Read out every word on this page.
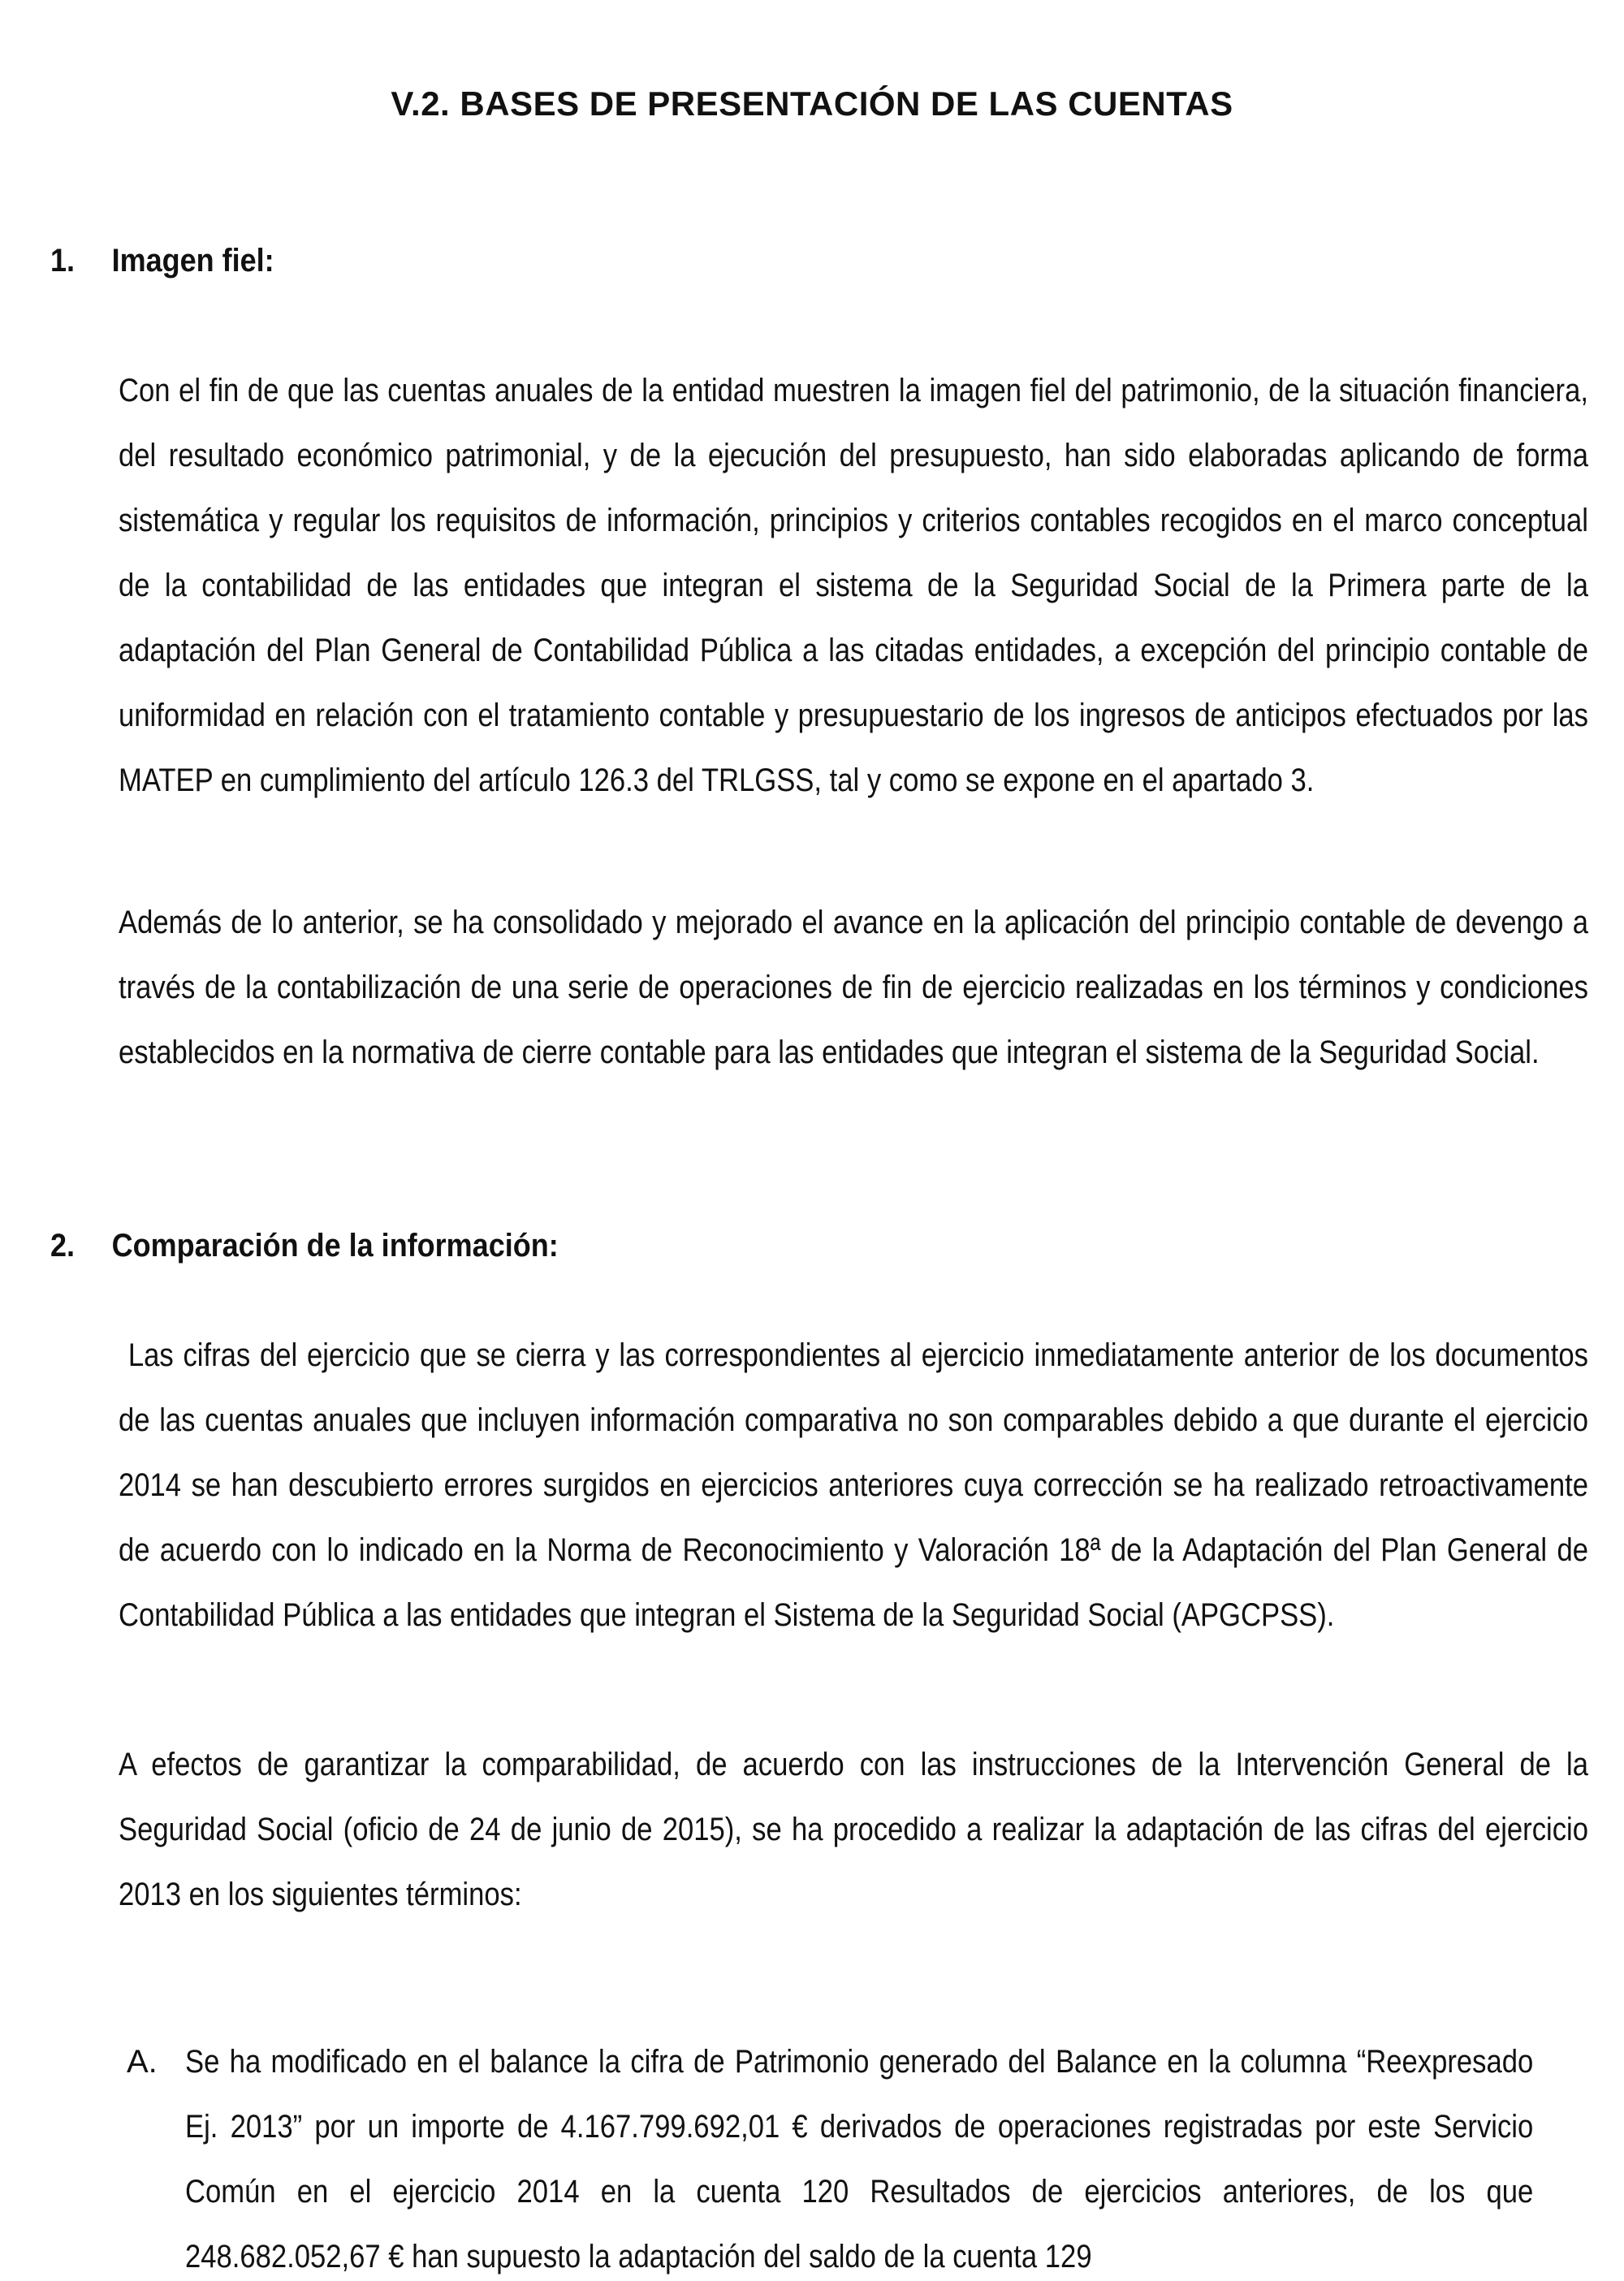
V.2. BASES DE PRESENTACIÓN DE LAS CUENTAS
1. Imagen fiel:

Con el fin de que las cuentas anuales de la entidad muestren la imagen fiel del patrimonio, de la situación financiera, del resultado económico patrimonial, y de la ejecución del presupuesto, han sido elaboradas aplicando de forma sistemática y regular los requisitos de información, principios y criterios contables recogidos en el marco conceptual de la contabilidad de las entidades que integran el sistema de la Seguridad Social de la Primera parte de la adaptación del Plan General de Contabilidad Pública a las citadas entidades, a excepción del principio contable de uniformidad en relación con el tratamiento contable y presupuestario de los ingresos de anticipos efectuados por las MATEP en cumplimiento del artículo 126.3 del TRLGSS, tal y como se expone en el apartado 3.

Además de lo anterior, se ha consolidado y mejorado el avance en la aplicación del principio contable de devengo a través de la contabilización de una serie de operaciones de fin de ejercicio realizadas en los términos y condiciones establecidos en la normativa de cierre contable para las entidades que integran el sistema de la Seguridad Social.

2. Comparación de la información:

Las cifras del ejercicio que se cierra y las correspondientes al ejercicio inmediatamente anterior de los documentos de las cuentas anuales que incluyen información comparativa no son comparables debido a que durante el ejercicio 2014 se han descubierto errores surgidos en ejercicios anteriores cuya corrección se ha realizado retroactivamente de acuerdo con lo indicado en la Norma de Reconocimiento y Valoración 18ª de la Adaptación del Plan General de Contabilidad Pública a las entidades que integran el Sistema de la Seguridad Social (APGCPSS).

A efectos de garantizar la comparabilidad, de acuerdo con las instrucciones de la Intervención General de la Seguridad Social (oficio de 24 de junio de 2015), se ha procedido a realizar la adaptación de las cifras del ejercicio 2013 en los siguientes términos:

A. Se ha modificado en el balance la cifra de Patrimonio generado del Balance en la columna “Reexpresado  Ej. 2013” por un importe de 4.167.799.692,01 € derivados de operaciones registradas por este Servicio Común en el ejercicio 2014 en la cuenta 120 Resultados de ejercicios anteriores, de los que 248.682.052,67 € han supuesto la adaptación del saldo de la cuenta 129
